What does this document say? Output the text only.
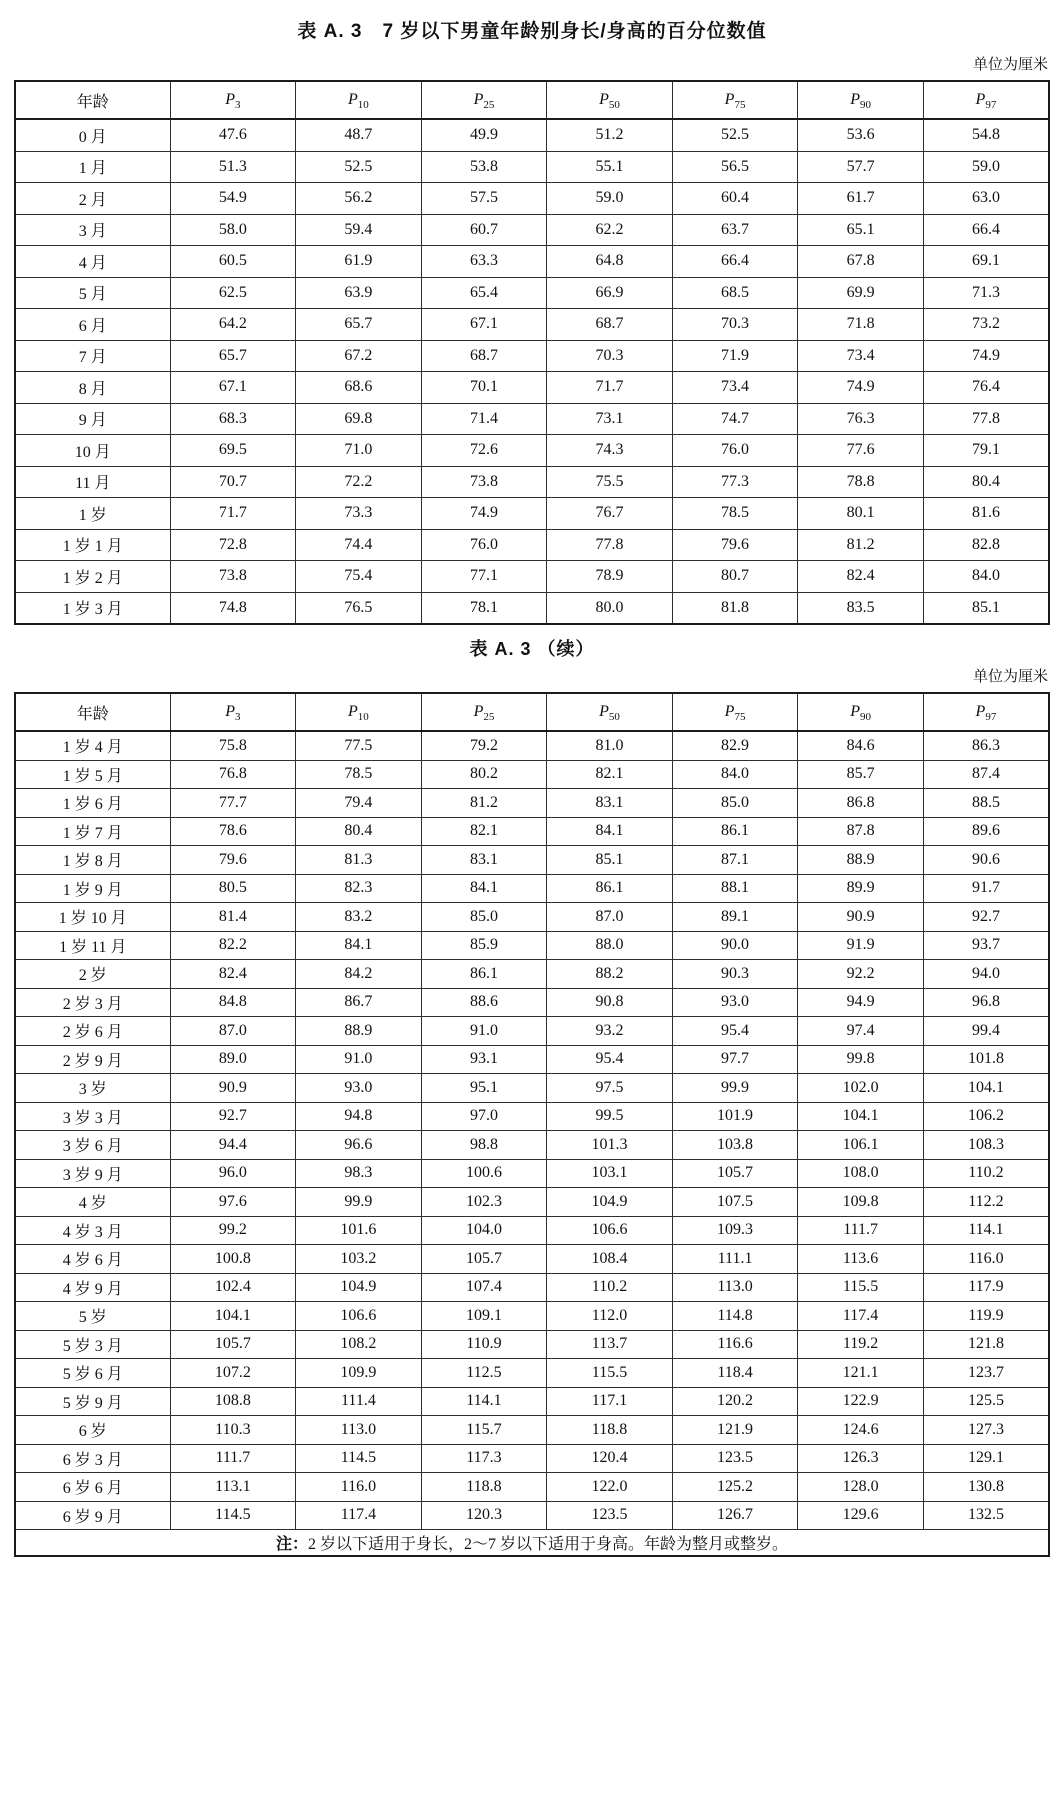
表 A. 3　7 岁以下男童年龄别身长/身高的百分位数值
单位为厘米
年龄	$P_3$	$P_{10}$	$P_{25}$	$P_{50}$	$P_{75}$	$P_{90}$	$P_{97}$
0 月	47.6	48.7	49.9	51.2	52.5	53.6	54.8
1 月	51.3	52.5	53.8	55.1	56.5	57.7	59.0
2 月	54.9	56.2	57.5	59.0	60.4	61.7	63.0
3 月	58.0	59.4	60.7	62.2	63.7	65.1	66.4
4 月	60.5	61.9	63.3	64.8	66.4	67.8	69.1
5 月	62.5	63.9	65.4	66.9	68.5	69.9	71.3
6 月	64.2	65.7	67.1	68.7	70.3	71.8	73.2
7 月	65.7	67.2	68.7	70.3	71.9	73.4	74.9
8 月	67.1	68.6	70.1	71.7	73.4	74.9	76.4
9 月	68.3	69.8	71.4	73.1	74.7	76.3	77.8
10 月	69.5	71.0	72.6	74.3	76.0	77.6	79.1
11 月	70.7	72.2	73.8	75.5	77.3	78.8	80.4
1 岁	71.7	73.3	74.9	76.7	78.5	80.1	81.6
1 岁 1 月	72.8	74.4	76.0	77.8	79.6	81.2	82.8
1 岁 2 月	73.8	75.4	77.1	78.9	80.7	82.4	84.0
1 岁 3 月	74.8	76.5	78.1	80.0	81.8	83.5	85.1
表 A. 3 （续）
单位为厘米
年龄	$P_3$	$P_{10}$	$P_{25}$	$P_{50}$	$P_{75}$	$P_{90}$	$P_{97}$
1 岁 4 月	75.8	77.5	79.2	81.0	82.9	84.6	86.3
1 岁 5 月	76.8	78.5	80.2	82.1	84.0	85.7	87.4
1 岁 6 月	77.7	79.4	81.2	83.1	85.0	86.8	88.5
1 岁 7 月	78.6	80.4	82.1	84.1	86.1	87.8	89.6
1 岁 8 月	79.6	81.3	83.1	85.1	87.1	88.9	90.6
1 岁 9 月	80.5	82.3	84.1	86.1	88.1	89.9	91.7
1 岁 10 月	81.4	83.2	85.0	87.0	89.1	90.9	92.7
1 岁 11 月	82.2	84.1	85.9	88.0	90.0	91.9	93.7
2 岁	82.4	84.2	86.1	88.2	90.3	92.2	94.0
2 岁 3 月	84.8	86.7	88.6	90.8	93.0	94.9	96.8
2 岁 6 月	87.0	88.9	91.0	93.2	95.4	97.4	99.4
2 岁 9 月	89.0	91.0	93.1	95.4	97.7	99.8	101.8
3 岁	90.9	93.0	95.1	97.5	99.9	102.0	104.1
3 岁 3 月	92.7	94.8	97.0	99.5	101.9	104.1	106.2
3 岁 6 月	94.4	96.6	98.8	101.3	103.8	106.1	108.3
3 岁 9 月	96.0	98.3	100.6	103.1	105.7	108.0	110.2
4 岁	97.6	99.9	102.3	104.9	107.5	109.8	112.2
4 岁 3 月	99.2	101.6	104.0	106.6	109.3	111.7	114.1
4 岁 6 月	100.8	103.2	105.7	108.4	111.1	113.6	116.0
4 岁 9 月	102.4	104.9	107.4	110.2	113.0	115.5	117.9
5 岁	104.1	106.6	109.1	112.0	114.8	117.4	119.9
5 岁 3 月	105.7	108.2	110.9	113.7	116.6	119.2	121.8
5 岁 6 月	107.2	109.9	112.5	115.5	118.4	121.1	123.7
5 岁 9 月	108.8	111.4	114.1	117.1	120.2	122.9	125.5
6 岁	110.3	113.0	115.7	118.8	121.9	124.6	127.3
6 岁 3 月	111.7	114.5	117.3	120.4	123.5	126.3	129.1
6 岁 6 月	113.1	116.0	118.8	122.0	125.2	128.0	130.8
6 岁 9 月	114.5	117.4	120.3	123.5	126.7	129.6	132.5
注：2 岁以下适用于身长，2～7 岁以下适用于身高。年龄为整月或整岁。							
